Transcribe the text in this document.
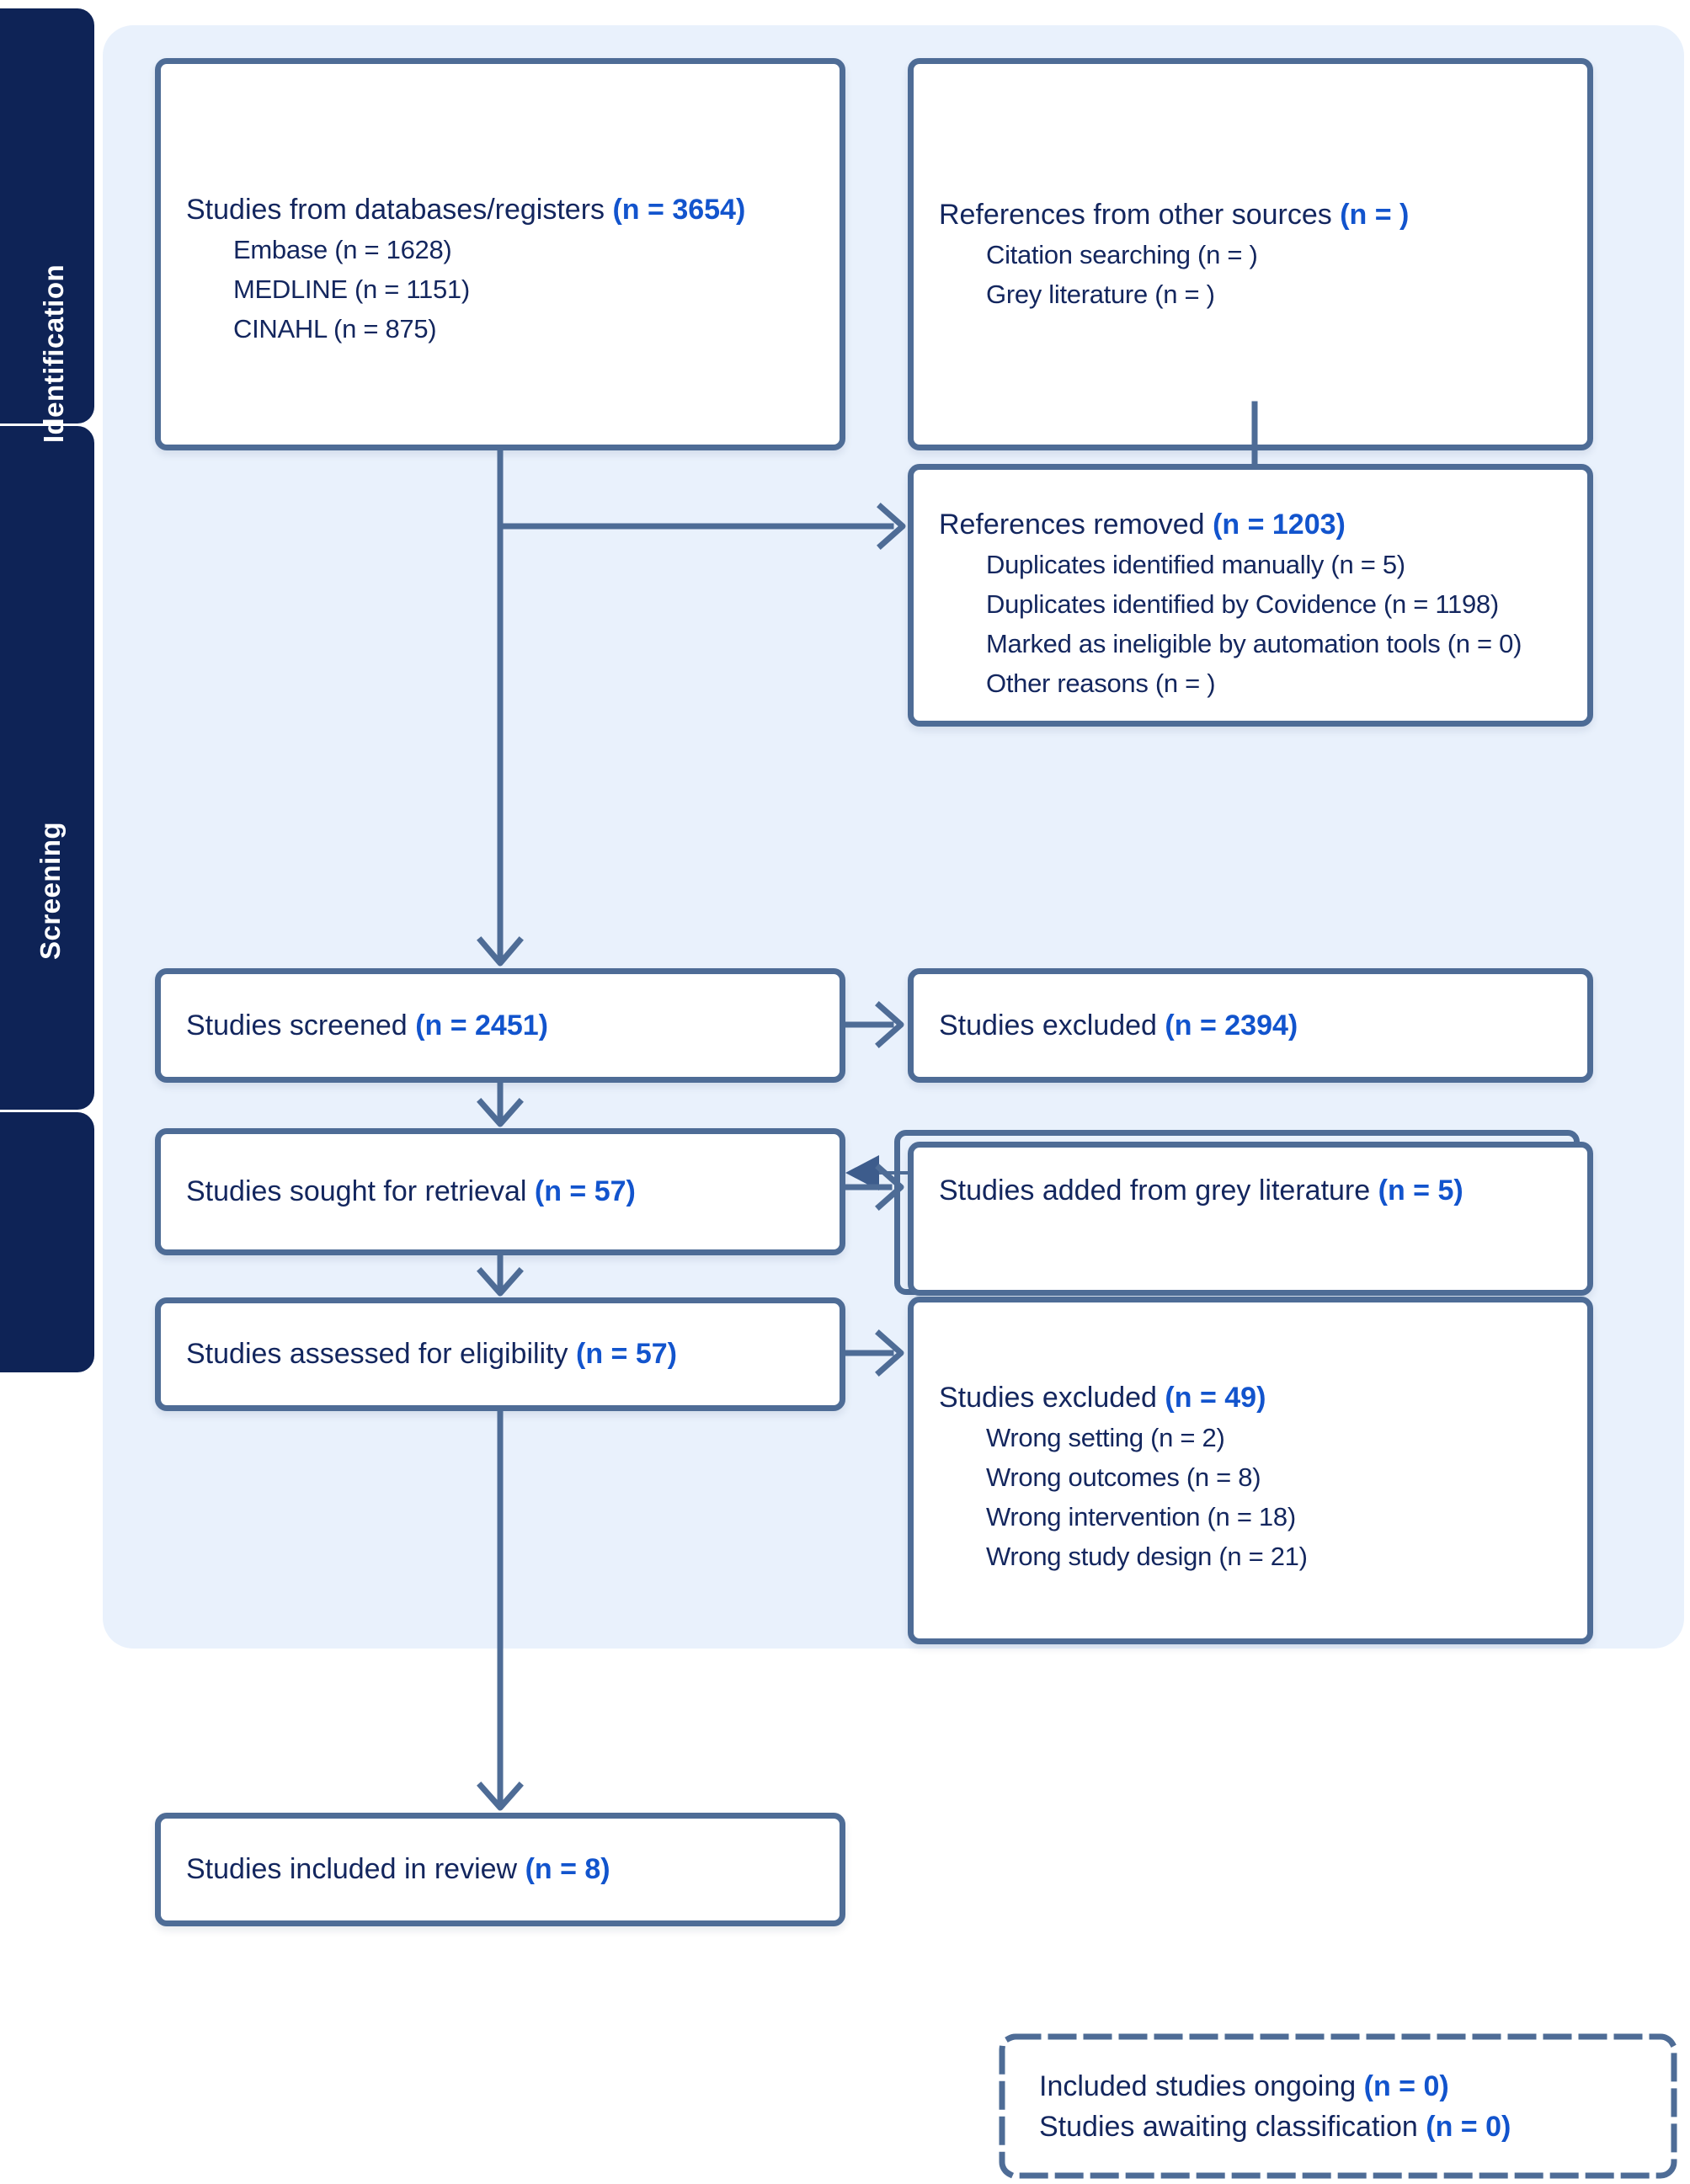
Identification
Screening
Studies from databases/registers (n = 3654)
Embase (n = 1628)
MEDLINE (n = 1151)
CINAHL (n = 875)
References from other sources (n = )
Citation searching (n = )
Grey literature (n = )
References removed (n = 1203)
Duplicates identified manually (n = 5)
Duplicates identified by Covidence (n = 1198)
Marked as ineligible by automation tools (n = 0)
Other reasons (n = )
Studies screened (n = 2451)	Studies excluded (n = 2394)
Studies sought for retrieval (n = 57)	Studies added from grey literature (n = 5)
Studies assessed for eligibility (n = 57)
Studies excluded (n = 49)
Wrong setting (n = 2)
Wrong outcomes (n = 8)
Wrong intervention (n = 18)
Wrong study design (n = 21)
Studies included in review (n = 8)
Included studies ongoing (n = 0)
Studies awaiting classification (n = 0)
